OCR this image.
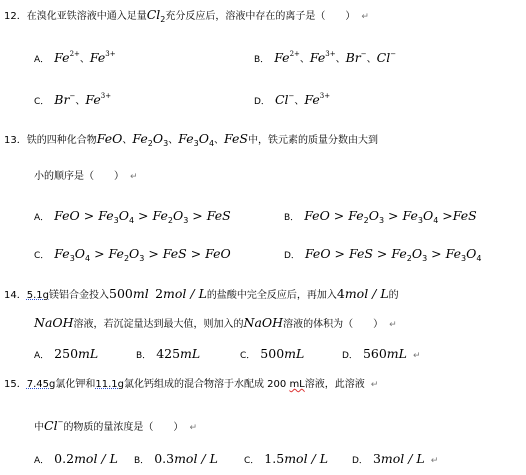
12．在溴化亚铁溶液中通入足量$Cl_2$充分反应后，溶液中存在的离子是（　　） ↵
A． $Fe^{2+}$、$Fe^{3+}$
B． $Fe^{2+}$、$Fe^{3+}$、Br−、Cl−
C． Br−、$Fe^{3+}$
D． Cl−、$Fe^{3+}$
13．铁的四种化合物FeO、$Fe_2O_3$、$Fe_3O_4$、FeS中，铁元素的质量分数由大到
小的顺序是（　　） ↵
A． FeO > $Fe_3O_4 > Fe_2O_3$ > FeS	B． FeO > $Fe_2O_3 > Fe_3O_4 >FeS$
C． $Fe_3O_4 > Fe_2O_3$ > FeS > FeO	D． FeO > FeS > $Fe_2O_3 > Fe_3O_4$
14．5.1g镁铝合金投入500ml 2mol / L的盐酸中完全反应后，再加入4mol / L的
NaOH溶液，若沉淀量达到最大值，则加入的NaOH溶液的体积为（　　） ↵
A． 250mL	B． 425mL	C． 500mL	D． 560mL ↵
15．7.45g氯化钾和11.1g氯化钙组成的混合物溶于水配成 200 mL溶液，此溶液 ↵
中Cl−的物质的量浓度是（　　） ↵
A． 0.2mol / L B． 0.3mol / L	C． 1.5mol / L	D． 3mol / L ↵
